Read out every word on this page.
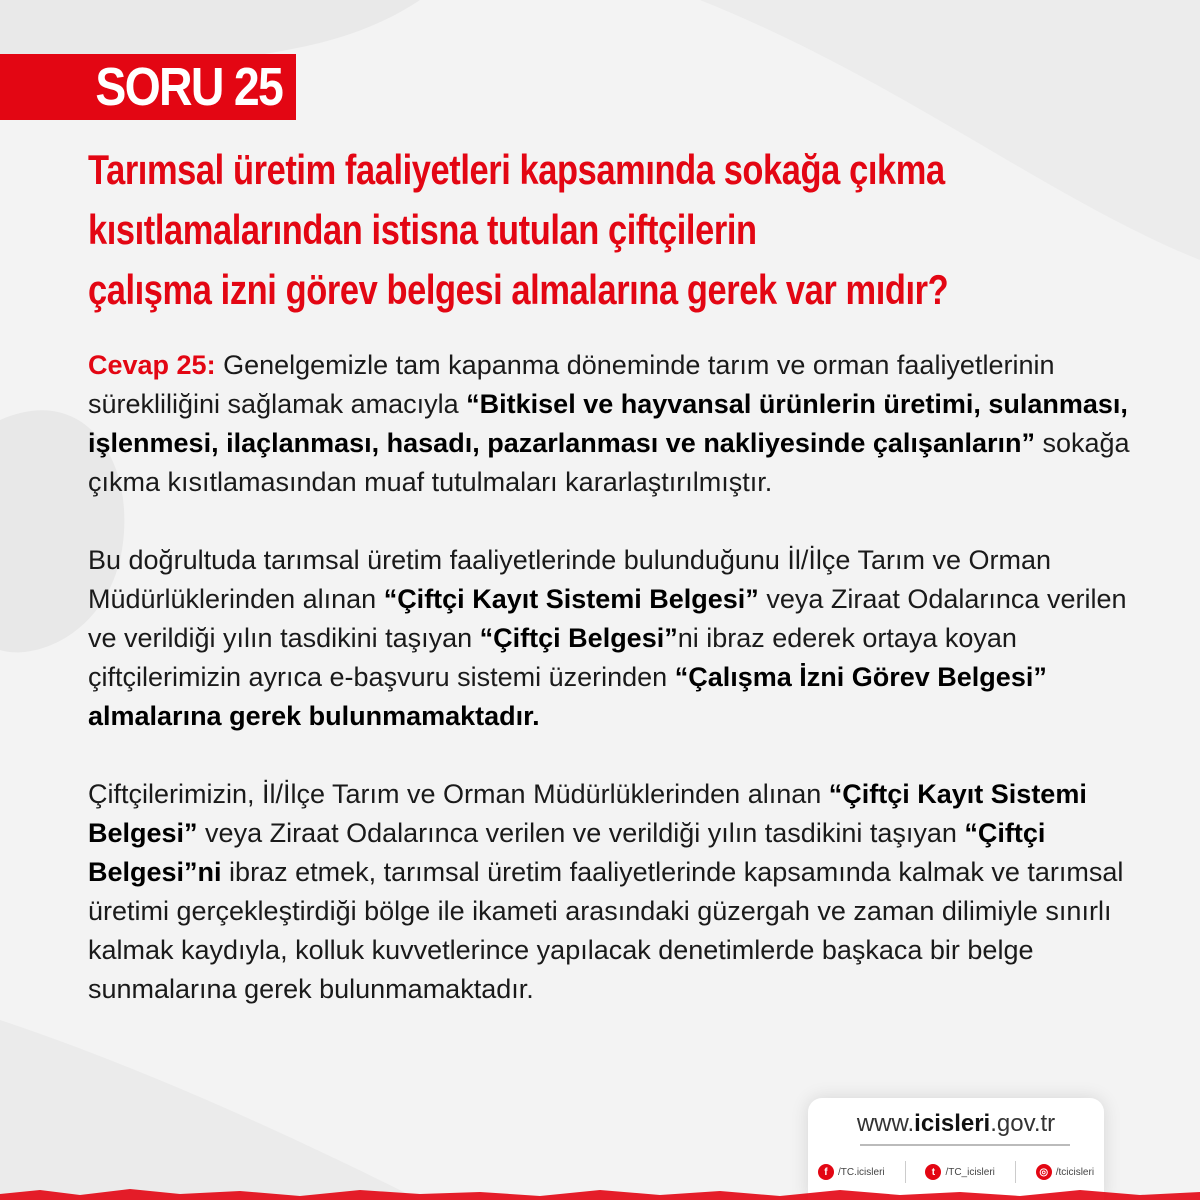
SORU 25
Tarımsal üretim faaliyetleri kapsamında sokağa çıkma
kısıtlamalarından istisna tutulan çiftçilerin
çalışma izni görev belgesi almalarına gerek var mıdır?

Cevap 25: Genelgemizle tam kapanma döneminde tarım ve orman faaliyetlerinin sürekliliğini sağlamak amacıyla “Bitkisel ve hayvansal ürünlerin üretimi, sulanması, işlenmesi, ilaçlanması, hasadı, pazarlanması ve nakliyesinde çalışanların” sokağa çıkma kısıtlamasından muaf tutulmaları kararlaştırılmıştır.

Bu doğrultuda tarımsal üretim faaliyetlerinde bulunduğunu İl/İlçe Tarım ve Orman Müdürlüklerinden alınan “Çiftçi Kayıt Sistemi Belgesi” veya Ziraat Odalarınca verilen ve verildiği yılın tasdikini taşıyan “Çiftçi Belgesi”ni ibraz ederek ortaya koyan çiftçilerimizin ayrıca e-başvuru sistemi üzerinden “Çalışma İzni Görev Belgesi” almalarına gerek bulunmamaktadır.

Çiftçilerimizin, İl/İlçe Tarım ve Orman Müdürlüklerinden alınan “Çiftçi Kayıt Sistemi Belgesi” veya Ziraat Odalarınca verilen ve verildiği yılın tasdikini taşıyan “Çiftçi Belgesi”ni ibraz etmek, tarımsal üretim faaliyetlerinde kapsamında kalmak ve tarımsal üretimi gerçekleştirdiği bölge ile ikameti arasındaki güzergah ve zaman dilimiyle sınırlı kalmak kaydıyla, kolluk kuvvetlerince yapılacak denetimlerde başkaca bir belge sunmalarına gerek bulunmamaktadır.

www.icisleri.gov.tr
f	/TC.icisleri	t	/TC_icisleri	◎ /tcicisleri
